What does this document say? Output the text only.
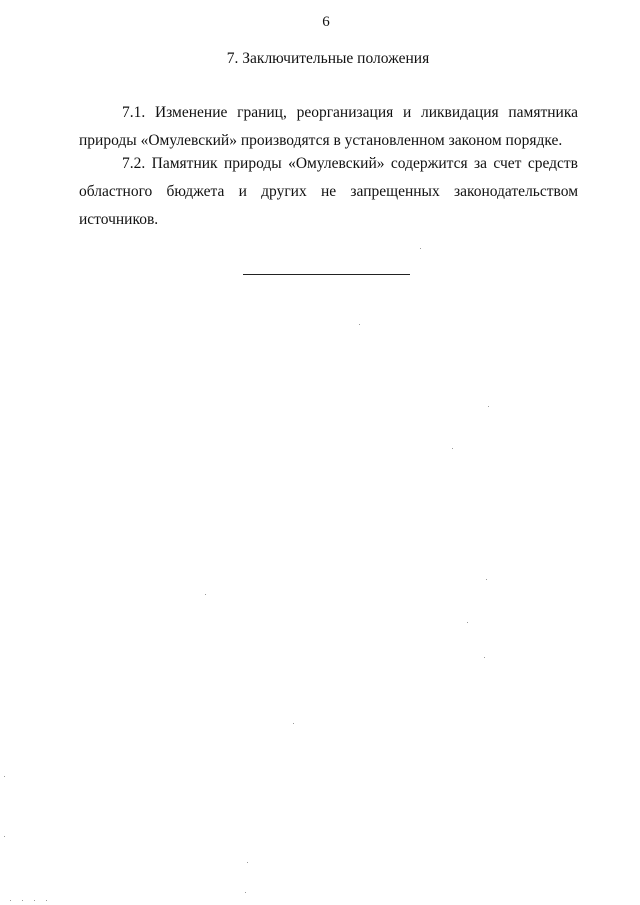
6
7. Заключительные положения

7.1. Изменение границ, реорганизация и ликвидация памятника природы «Омулевский» производятся в установленном законом порядке.

7.2. Памятник природы «Омулевский» содержится за счет средств областного бюджета и других не запрещенных законодательством источников.
